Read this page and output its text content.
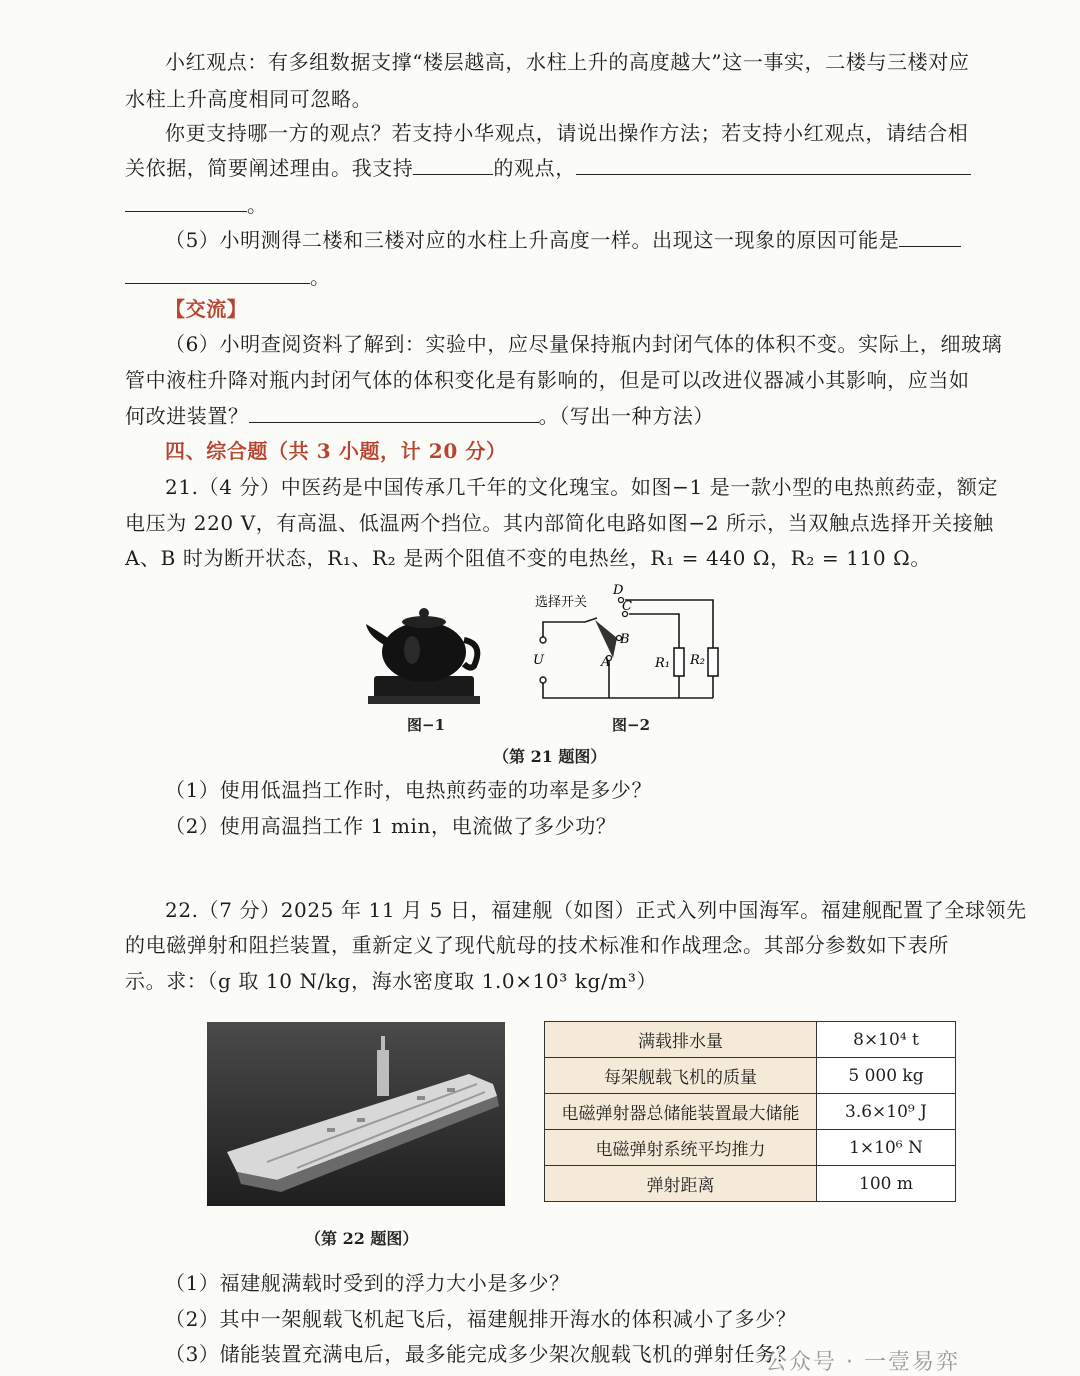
小红观点：有多组数据支撑“楼层越高，水柱上升的高度越大”这一事实，二楼与三楼对应
水柱上升高度相同可忽略。
你更支持哪一方的观点？若支持小华观点，请说出操作方法；若支持小红观点，请结合相
关依据，简要阐述理由。我支持	的观点，
。
（5）小明测得二楼和三楼对应的水柱上升高度一样。出现这一现象的原因可能是
。
【交流】
（6）小明查阅资料了解到：实验中，应尽量保持瓶内封闭气体的体积不变。实际上，细玻璃
管中液柱升降对瓶内封闭气体的体积变化是有影响的，但是可以改进仪器减小其影响，应当如
何改进装置？	。（写出一种方法）
四、综合题（共 3 小题，计 20 分）
21.（4 分）中医药是中国传承几千年的文化瑰宝。如图−1 是一款小型的电热煎药壶，额定
电压为 220 V，有高温、低温两个挡位。其内部简化电路如图−2 所示，当双触点选择开关接触
A、B 时为断开状态，R₁、R₂ 是两个阻值不变的电热丝，R₁ = 440 Ω，R₂ = 110 Ω。
图−1
选择开关
D
C
B
A
U	R₁ R₂
图−2
（第 21 题图）
（1）使用低温挡工作时，电热煎药壶的功率是多少？
（2）使用高温挡工作 1 min，电流做了多少功？
22.（7 分）2025 年 11 月 5 日，福建舰（如图）正式入列中国海军。福建舰配置了全球领先
的电磁弹射和阻拦装置，重新定义了现代航母的技术标准和作战理念。其部分参数如下表所
示。求：（g 取 10 N/kg，海水密度取 1.0×10³ kg/m³）
（第 22 题图）
满载排水量	8×10⁴ t
每架舰载飞机的质量	5 000 kg
电磁弹射器总储能装置最大储能	3.6×10⁹ J
电磁弹射系统平均推力	1×10⁶ N
弹射距离	100 m
（1）福建舰满载时受到的浮力大小是多少？
（2）其中一架舰载飞机起飞后，福建舰排开海水的体积减小了多少？
（3）储能装置充满电后，最多能完成多少架次舰载飞机的弹射任务？
公众号 · 一壹易弈
